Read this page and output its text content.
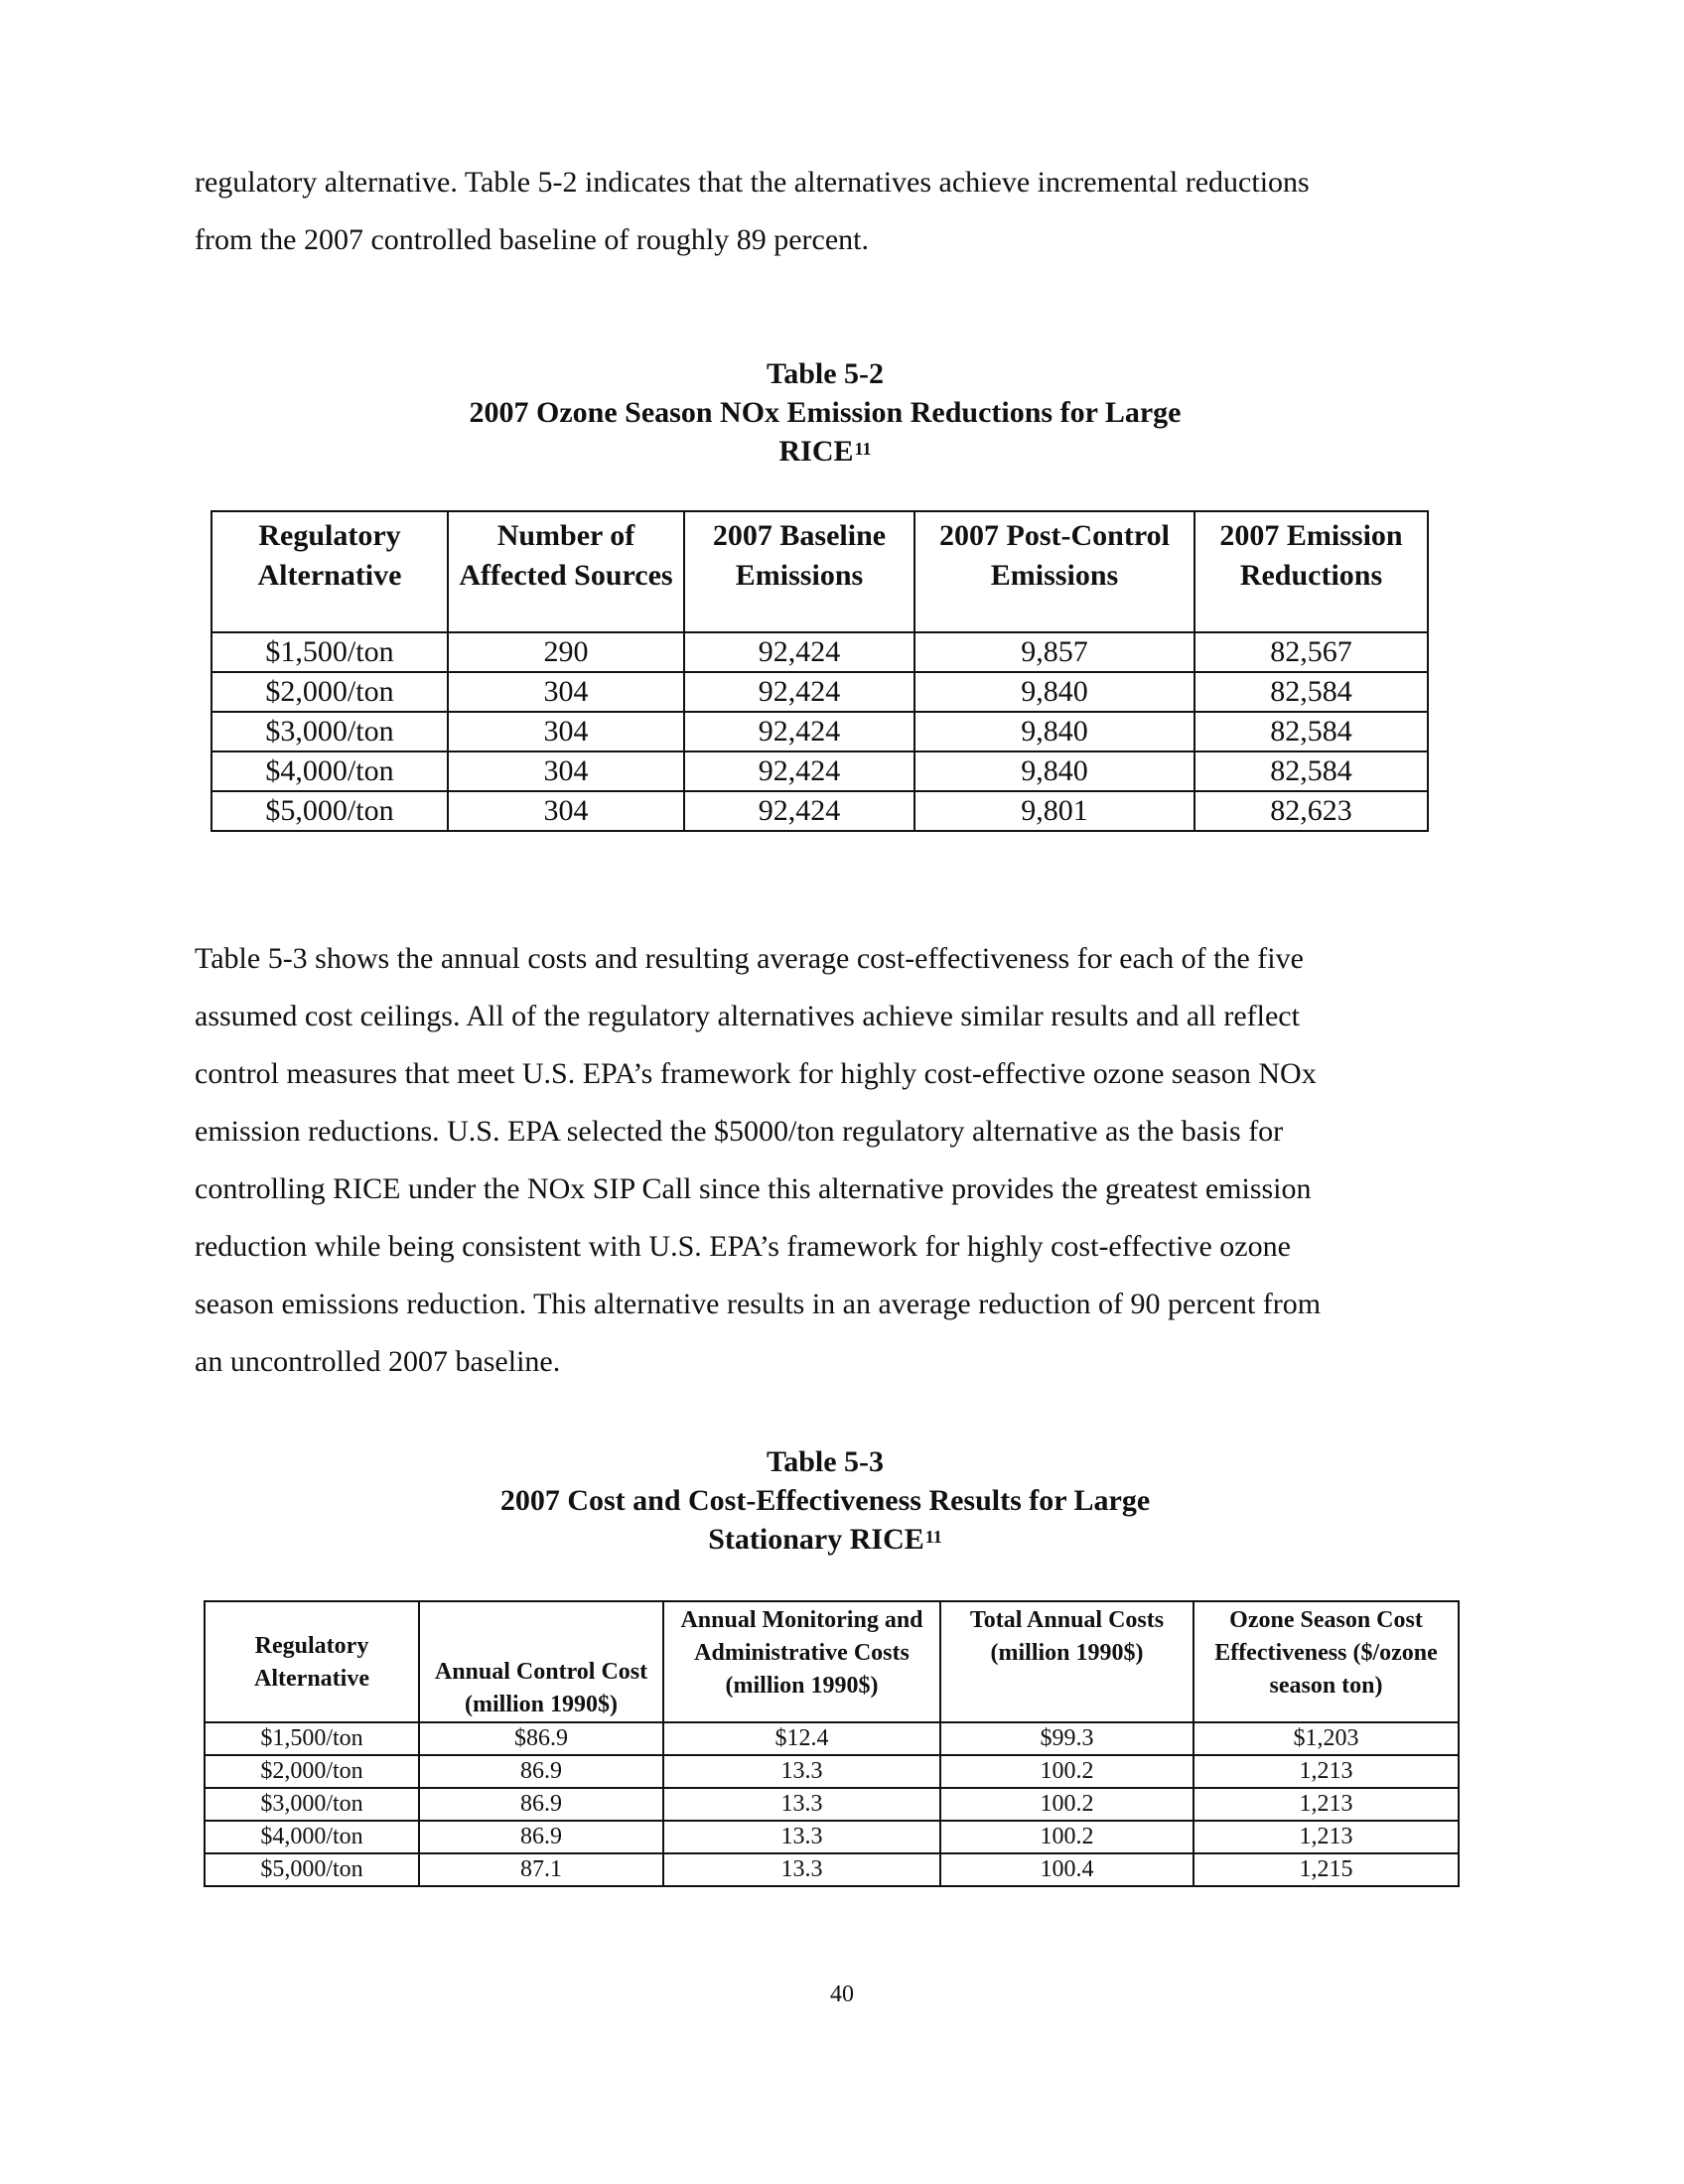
regulatory alternative. Table 5-2 indicates that the alternatives achieve incremental reductions
from the 2007 controlled baseline of roughly 89 percent.

Table 5-2
2007 Ozone Season NOx Emission Reductions for Large
RICE$^{11}$
Regulatory Alternative	Number of Affected Sources	2007 Baseline Emissions	2007 Post-Control Emissions	2007 Emission Reductions
$1,500/ton	290	92,424	9,857	82,567
$2,000/ton	304	92,424	9,840	82,584
$3,000/ton	304	92,424	9,840	82,584
$4,000/ton	304	92,424	9,840	82,584
$5,000/ton	304	92,424	9,801	82,623

Table 5-3 shows the annual costs and resulting average cost-effectiveness for each of the five
assumed cost ceilings. All of the regulatory alternatives achieve similar results and all reflect
control measures that meet U.S. EPA’s framework for highly cost-effective ozone season NOx
emission reductions. U.S. EPA selected the $5000/ton regulatory alternative as the basis for
controlling RICE under the NOx SIP Call since this alternative provides the greatest emission
reduction while being consistent with U.S. EPA’s framework for highly cost-effective ozone
season emissions reduction. This alternative results in an average reduction of 90 percent from
an uncontrolled 2007 baseline.

Table 5-3
2007 Cost and Cost-Effectiveness Results for Large
Stationary RICE$^{11}$
Regulatory Alternative	Annual Control Cost (million 1990$)	Annual Monitoring and Administrative Costs (million 1990$)	Total Annual Costs (million 1990$)	Ozone Season Cost Effectiveness ($/ozone season ton)
$1,500/ton	$86.9	$12.4	$99.3	$1,203
$2,000/ton	86.9	13.3	100.2	1,213
$3,000/ton	86.9	13.3	100.2	1,213
$4,000/ton	86.9	13.3	100.2	1,213
$5,000/ton	87.1	13.3	100.4	1,215
40
